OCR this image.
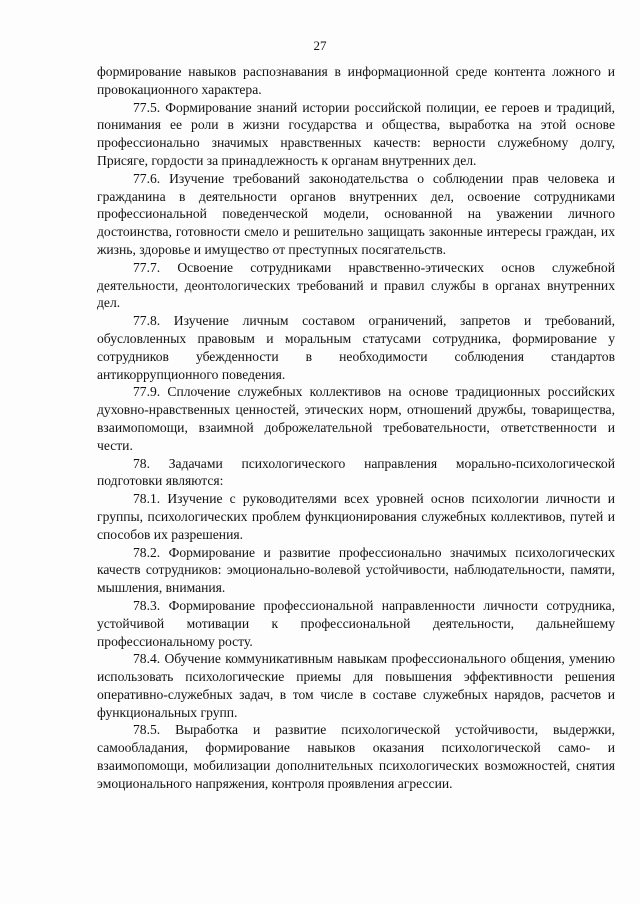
27

формирование навыков распознавания в информационной среде контента ложного и провокационного характера.

77.5. Формирование знаний истории российской полиции, ее героев и традиций, понимания ее роли в жизни государства и общества, выработка на этой основе профессионально значимых нравственных качеств: верности служебному долгу, Присяге, гордости за принадлежность к органам внутренних дел.

77.6. Изучение требований законодательства о соблюдении прав человека и гражданина в деятельности органов внутренних дел, освоение сотрудниками профессиональной поведенческой модели, основанной на уважении личного достоинства, готовности смело и решительно защищать законные интересы граждан, их жизнь, здоровье и имущество от преступных посягательств.

77.7. Освоение сотрудниками нравственно-этических основ служебной деятельности, деонтологических требований и правил службы в органах внутренних дел.

77.8. Изучение личным составом ограничений, запретов и требований, обусловленных правовым и моральным статусами сотрудника, формирование у сотрудников убежденности в необходимости соблюдения стандартов антикоррупционного поведения.

77.9. Сплочение служебных коллективов на основе традиционных российских духовно-нравственных ценностей, этических норм, отношений дружбы, товарищества, взаимопомощи, взаимной доброжелательной требовательности, ответственности и чести.

78. Задачами психологического направления морально-психологической подготовки являются:

78.1. Изучение с руководителями всех уровней основ психологии личности и группы, психологических проблем функционирования служебных коллективов, путей и способов их разрешения.

78.2. Формирование и развитие профессионально значимых психологических качеств сотрудников: эмоционально-волевой устойчивости, наблюдательности, памяти, мышления, внимания.

78.3. Формирование профессиональной направленности личности сотрудника, устойчивой мотивации к профессиональной деятельности, дальнейшему профессиональному росту.

78.4. Обучение коммуникативным навыкам профессионального общения, умению использовать психологические приемы для повышения эффективности решения оперативно-служебных задач, в том числе в составе служебных нарядов, расчетов и функциональных групп.

78.5. Выработка и развитие психологической устойчивости, выдержки, самообладания, формирование навыков оказания психологической само- и взаимопомощи, мобилизации дополнительных психологических возможностей, снятия эмоционального напряжения, контроля проявления агрессии.
